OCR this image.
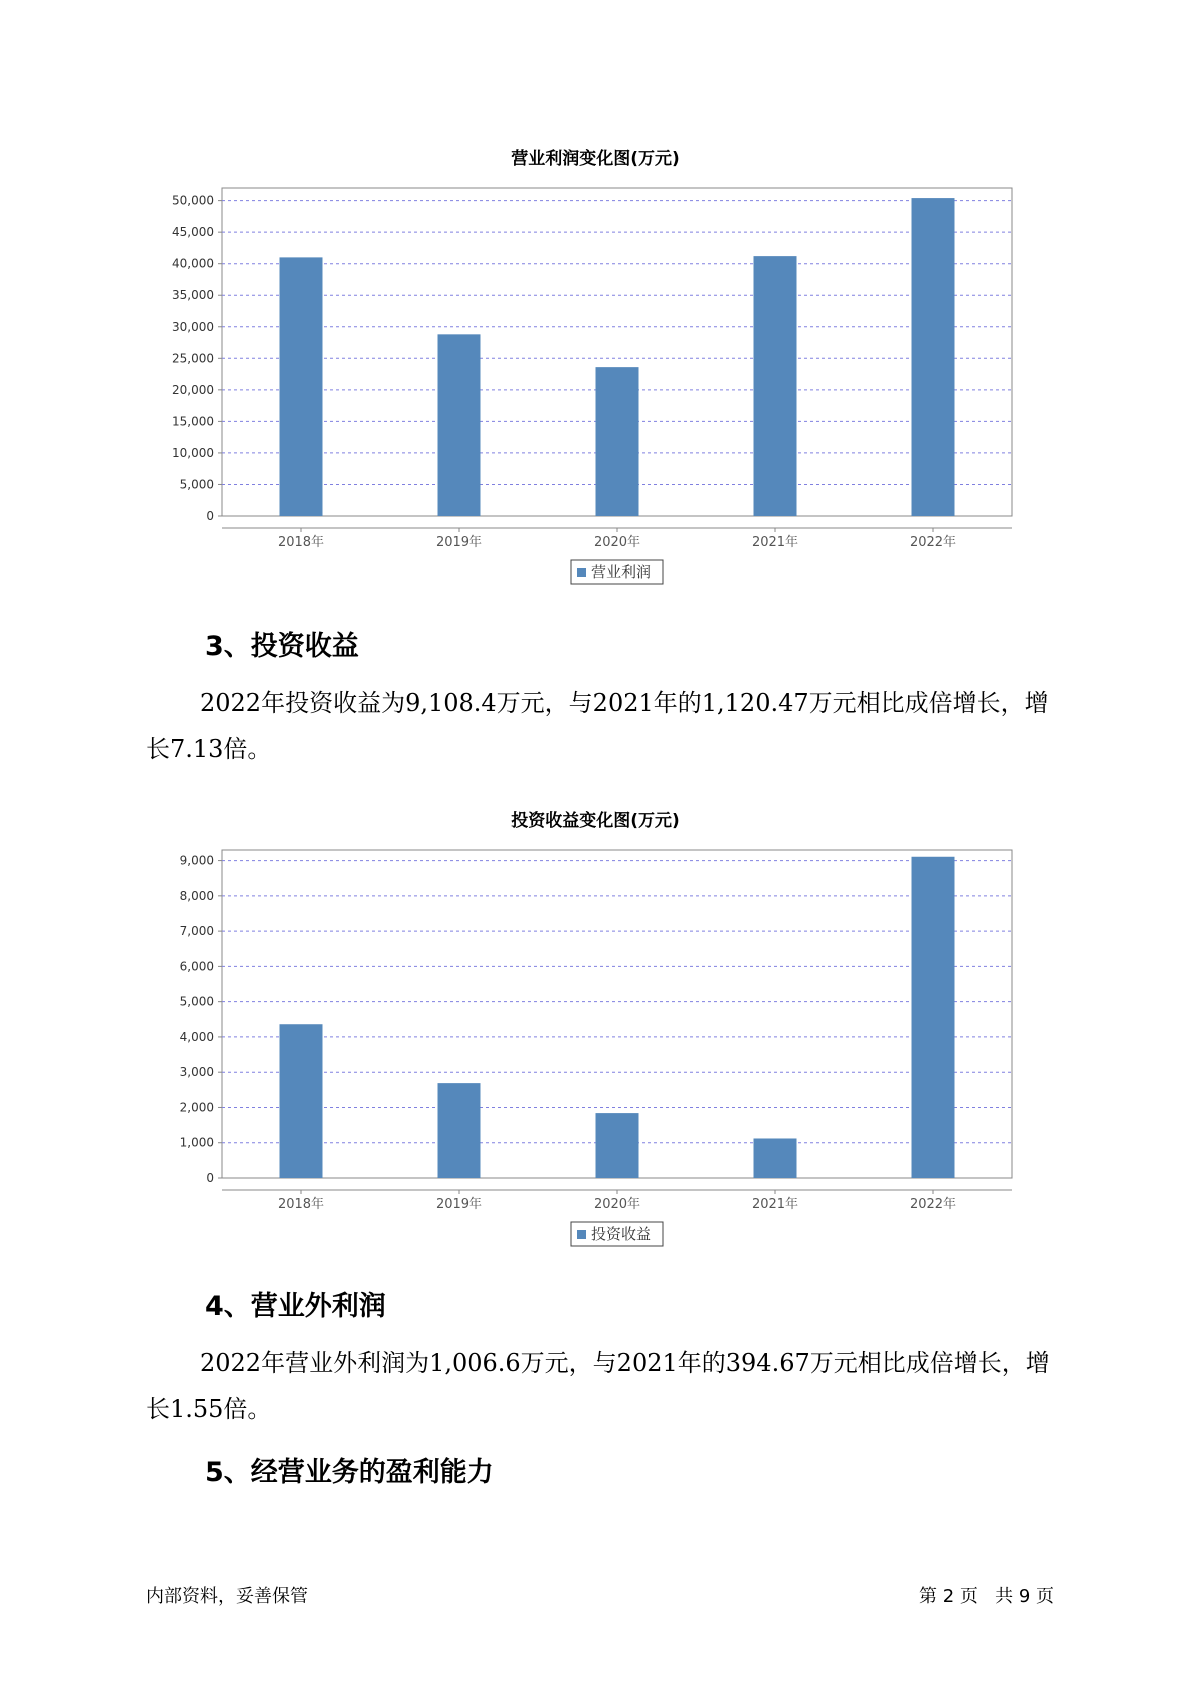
营业利润变化图(万元)
0
5,000
10,000
15,000
20,000
25,000
30,000
35,000
40,000
45,000
50,000
2018年	2019年	2020年	2021年	2022年
营业利润
3、投资收益

2022年投资收益为9,108.4万元，与2021年的1,120.47万元相比成倍增长，增长7.13倍。

投资收益变化图(万元)
0
1,000
2,000
3,000
4,000
5,000
6,000
7,000
8,000
9,000
2018年	2019年	2020年	2021年	2022年
投资收益
4、营业外利润

2022年营业外利润为1,006.6万元，与2021年的394.67万元相比成倍增长，增长1.55倍。

5、经营业务的盈利能力
内部资料，妥善保管	第 2 页   共 9 页
